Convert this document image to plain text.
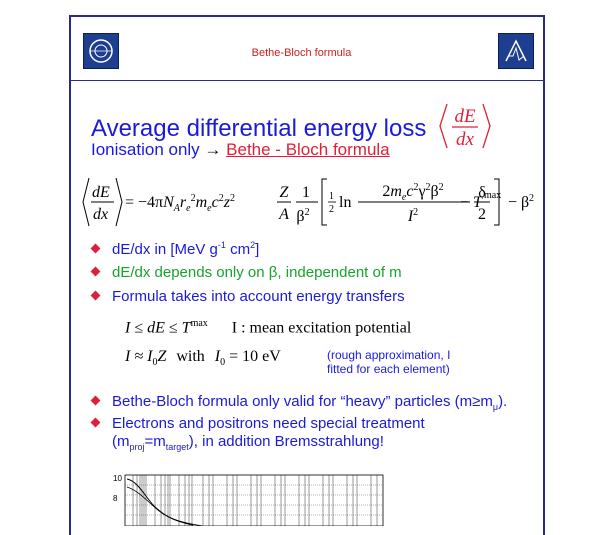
Bethe-Bloch formula
Average differential energy loss dE
dx
Ionisation only → Bethe - Bloch formula
dE
dx
= $-4\pi N_Ar_e^2m_ec^2z^2$	Z
A
1
$\beta^2$
1
2 ln
$2m_ec^2\gamma^2\beta^2$
$I^2$
T max − β 2
−
δ
2
dE/dx in [MeV $g^{-1}$ $cm^2$]
dE/dx depends only on β, independent of m
Formula takes into account energy transfers
I ≤ dE ≤ $T^{max}$ I : mean excitation potential
$I \approx I_0Z$ with $I_0 = 10$ eV	(rough approximation, I
fitted for each element)
Bethe-Bloch formula only valid for “heavy” particles $(m\ge m_\mu)$.
Electrons and positrons need special treatment
$(m_{proj}=m_{target})$, in addition Bremsstrahlung!
10
8
